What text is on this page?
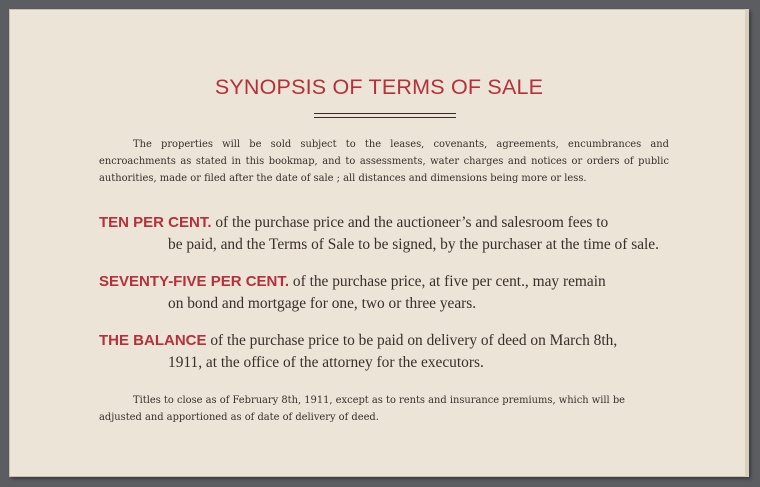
SYNOPSIS OF TERMS OF SALE
The properties will be sold subject to the leases, covenants, agreements, encumbrances and encroachments as stated in this bookmap, and to assessments, water charges and notices or orders of public authorities, made or filed after the date of sale ; all distances and dimensions being more or less.
TEN PER CENT. of the purchase price and the auctioneer’s and salesroom fees to
be paid, and the Terms of Sale to be signed, by the purchaser at the time of sale.
SEVENTY-FIVE PER CENT. of the purchase price, at five per cent., may remain
on bond and mortgage for one, two or three years.
THE BALANCE of the purchase price to be paid on delivery of deed on March 8th,
1911, at the office of the attorney for the executors.
Titles to close as of February 8th, 1911, except as to rents and insurance premiums, which will be adjusted and apportioned as of date of delivery of deed.
